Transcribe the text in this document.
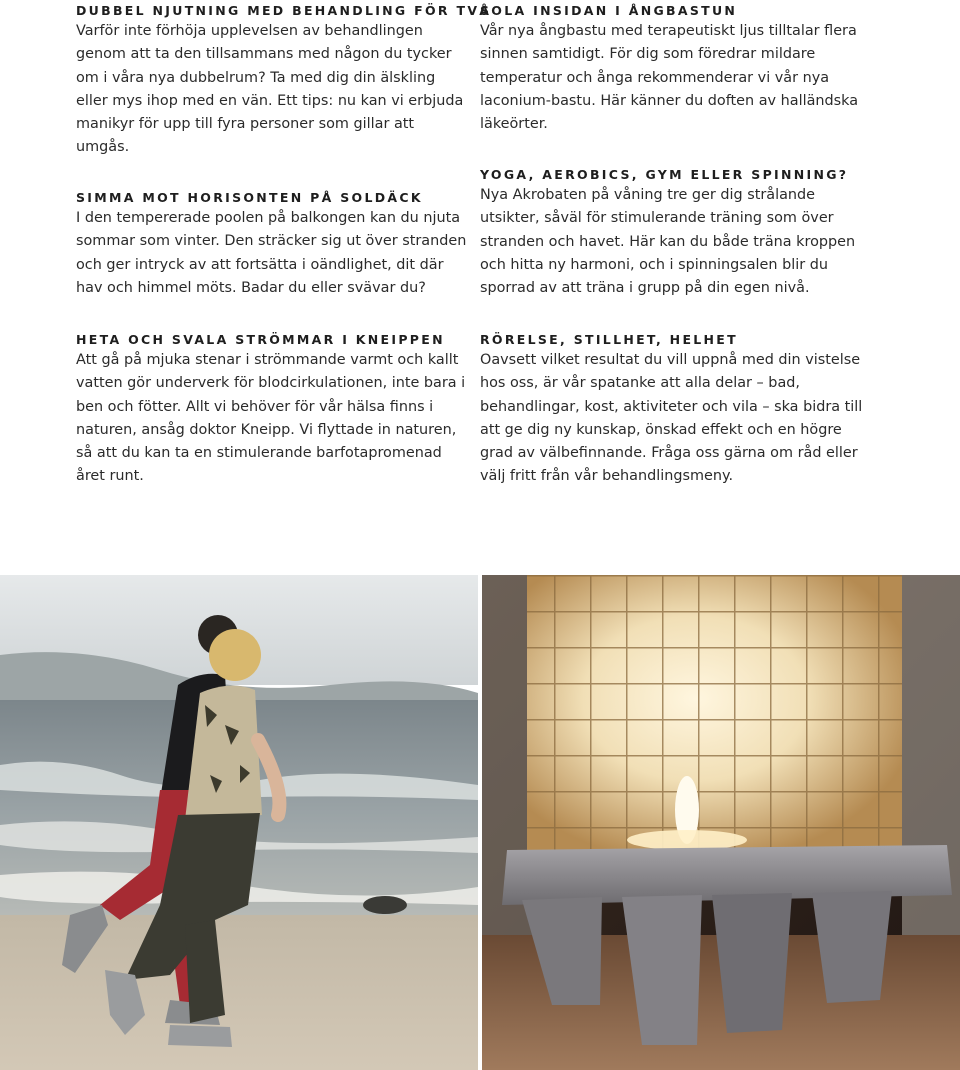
DUBBEL NJUTNING MED BEHANDLING FÖR TVÅ
Varför inte förhöja upplevelsen av behandlingen genom att ta den tillsammans med någon du tycker om i våra nya dubbelrum? Ta med dig din älskling eller mys ihop med en vän. Ett tips: nu kan vi erbjuda manikyr för upp till fyra personer som gillar att umgås.
SIMMA MOT HORISONTEN PÅ SOLDÄCK
I den tempererade poolen på balkongen kan du njuta sommar som vinter. Den sträcker sig ut över stranden och ger intryck av att fortsätta i oändlighet, dit där hav och himmel möts. Badar du eller svävar du?
HETA OCH SVALA STRÖMMAR I KNEIPPEN
Att gå på mjuka stenar i strömmande varmt och kallt vatten gör underverk för blodcirkulationen, inte bara i ben och fötter. Allt vi behöver för vår hälsa finns i naturen, ansåg doktor Kneipp. Vi flyttade in naturen, så att du kan ta en stimulerande barfotapromenad året runt.
SOLA INSIDAN I ÅNGBASTUN
Vår nya ångbastu med terapeutiskt ljus tilltalar flera sinnen samtidigt. För dig som föredrar mildare temperatur och ånga rekommenderar vi vår nya laconium-bastu. Här känner du doften av halländska läkeörter.
YOGA, AEROBICS, GYM ELLER SPINNING?
Nya Akrobaten på våning tre ger dig strålande utsikter, såväl för stimulerande träning som över stranden och havet. Här kan du både träna kroppen och hitta ny harmoni, och i spinningsalen blir du sporrad av att träna i grupp på din egen nivå.
RÖRELSE, STILLHET, HELHET
Oavsett vilket resultat du vill uppnå med din vistelse hos oss, är vår spatanke att alla delar – bad, behandlingar, kost, aktiviteter och vila – ska bidra till att ge dig ny kunskap, önskad effekt och en högre grad av välbefinnande. Fråga oss gärna om råd eller välj fritt från vår behandlingsmeny.
